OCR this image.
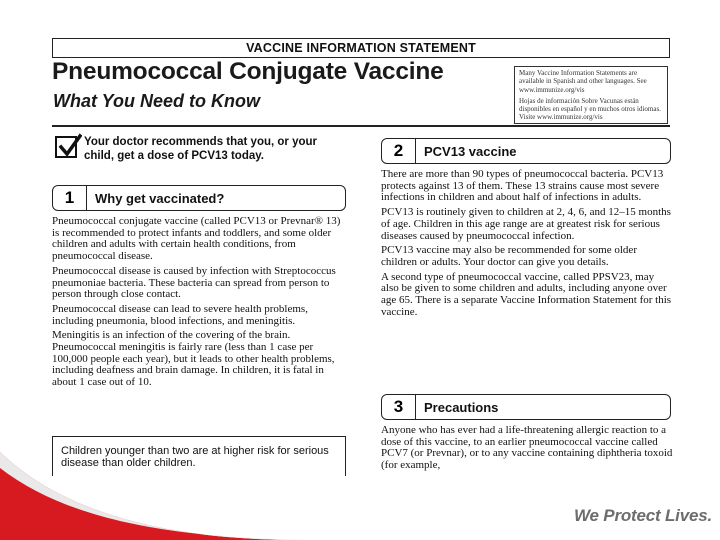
VACCINE INFORMATION STATEMENT
Pneumococcal Conjugate Vaccine
What You Need to Know

Many Vaccine Information Statements are available in Spanish and other languages. See www.immunize.org/vis

Hojas de información Sobre Vacunas están disponibles en español y en muchos otros idiomas. Visite www.immunize.org/vis

Your doctor recommends that you, or your child, get a dose of PCV13 today.
1	Why get vaccinated?

Pneumococcal conjugate vaccine (called PCV13 or Prevnar® 13) is recommended to protect infants and toddlers, and some older children and adults with certain health conditions, from pneumococcal disease.

Pneumococcal disease is caused by infection with Streptococcus pneumoniae bacteria. These bacteria can spread from person to person through close contact.

Pneumococcal disease can lead to severe health problems, including pneumonia, blood infections, and meningitis.

Meningitis is an infection of the covering of the brain. Pneumococcal meningitis is fairly rare (less than 1 case per 100,000 people each year), but it leads to other health problems, including deafness and brain damage. In children, it is fatal in about 1 case out of 10.

Children younger than two are at higher risk for serious disease than older children.
2	PCV13 vaccine

There are more than 90 types of pneumococcal bacteria. PCV13 protects against 13 of them. These 13 strains cause most severe infections in children and about half of infections in adults.

PCV13 is routinely given to children at 2, 4, 6, and 12–15 months of age. Children in this age range are at greatest risk for serious diseases caused by pneumococcal infection.

PCV13 vaccine may also be recommended for some older children or adults. Your doctor can give you details.

A second type of pneumococcal vaccine, called PPSV23, may also be given to some children and adults, including anyone over age 65. There is a separate Vaccine Information Statement for this vaccine.

3	Precautions

Anyone who has ever had a life-threatening allergic reaction to a dose of this vaccine, to an earlier pneumococcal vaccine called PCV7 (or Prevnar), or to any vaccine containing diphtheria toxoid (for example,

We Protect Lives.
